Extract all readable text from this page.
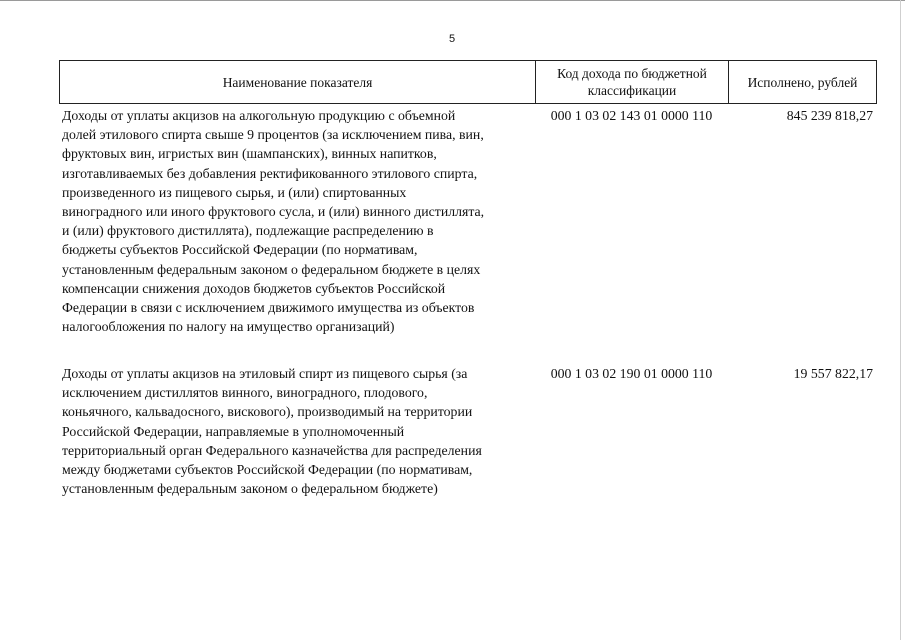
5
Наименование показателя
Код дохода по бюджетной классификации
Исполнено, рублей
Доходы от уплаты акцизов на алкогольную продукцию с объемной
долей этилового спирта свыше 9 процентов (за исключением пива, вин,
фруктовых вин, игристых вин (шампанских), винных напитков,
изготавливаемых без добавления ректификованного этилового спирта,
произведенного из пищевого сырья, и (или) спиртованных
виноградного или иного фруктового сусла, и (или) винного дистиллята,
и (или) фруктового дистиллята), подлежащие распределению в
бюджеты субъектов Российской Федерации (по нормативам,
установленным федеральным законом о федеральном бюджете в целях
компенсации снижения доходов бюджетов субъектов Российской
Федерации в связи с исключением движимого имущества из объектов
налогообложения по налогу на имущество организаций)
000 1 03 02 143 01 0000 110	845 239 818,27
Доходы от уплаты акцизов на этиловый спирт из пищевого сырья (за
исключением дистиллятов винного, виноградного, плодового,
коньячного, кальвадосного, вискового), производимый на территории
Российской Федерации, направляемые в уполномоченный
территориальный орган Федерального казначейства для распределения
между бюджетами субъектов Российской Федерации (по нормативам,
установленным федеральным законом о федеральном бюджете)
000 1 03 02 190 01 0000 110	19 557 822,17
